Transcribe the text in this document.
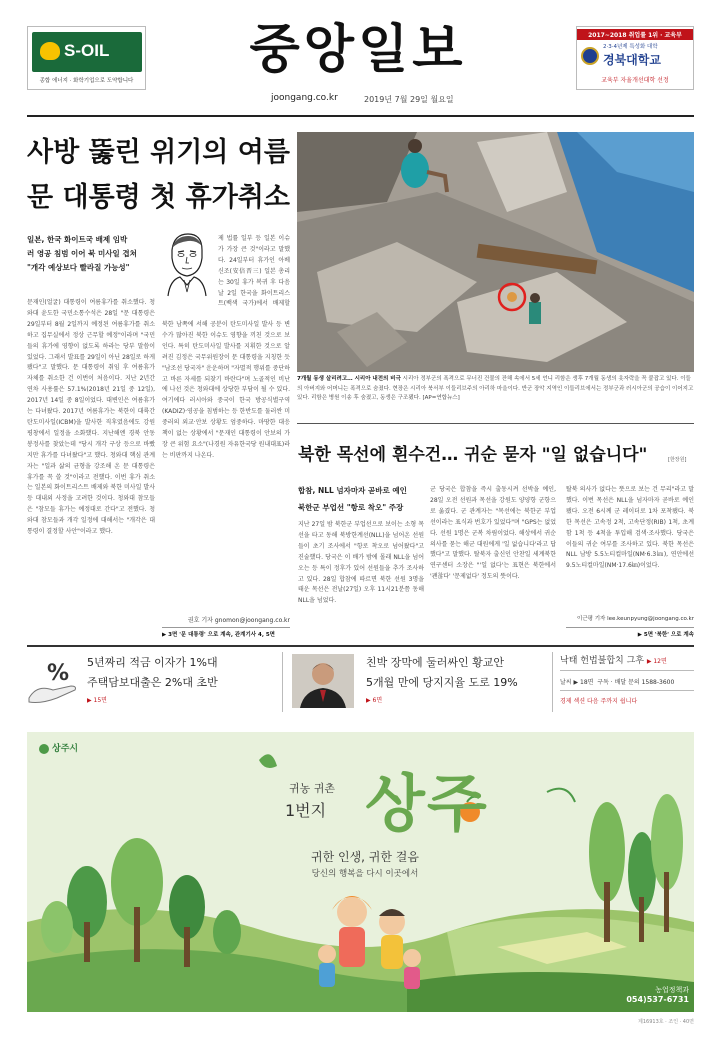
S-OIL
종합 에너지 · 화학기업으로 도약합니다
중앙일보
joongang.co.kr	2019년 7월 29일 월요일
2017~2018 취업률 1위 · 교육부
2·3·4년제 특성화 대학
경북대학교
교육부 자율개선대학 선정
사방 뚫린 위기의 여름
문 대통령 첫 휴가취소
일본, 한국 화이트국 배제 임박
러 영공 침범 이어 북 미사일 겹쳐
"개각 예상보다 빨라질 가능성"
제 법률 일부 등 일본 이슈가 가장 큰 것"이라고 말했다. 24일부터 휴가인 아베 신조(安倍晋三) 일본 총리는 30일 휴가 복귀 후 다음날 2일 한국을 화이트리스트(백색 국가)에서 배제할
문재인(얼굴) 대통령이 여름휴가를 취소했다. 청와대 윤도한 국민소통수석은 28일 "문 대통령은 29일부터 8월 2일까지 예정된 여름휴가를 취소하고 집무실에서 정상 근무할 예정"이라며 "국민들의 휴가에 영향이 없도록 하라는 당부 말씀이 있었다. 그래서 발표를 29일이 아닌 28일로 하게 됐다"고 말했다. 문 대통령이 취임 후 여름휴가 자체를 취소한 건 이번이 처음이다. 지난 2년간 연차 사용률은 57.1%(2018년 21일 중 12일), 2017년 14일 중 8일이었다. 대변인은 여름휴가는 다녀왔다. 2017년 여름휴가는 북한이 대륙간탄도미사일(ICBM)을 발사한 직후였음에도 강원 평창에서 일정을 소화했다. 지난해엔 경북 안동 봉정사를 찾았는데 "당시 개각 구상 등으로 바빴지만 휴가를 다녀왔다"고 했다. 청와대 핵심 관계자는 "일과 삶의 균형을 강조해 온 문 대통령은 휴가를 꼭 쓸 것"이라고 전했다. 이번 휴가 취소는 일본의 화이트리스트 배제와 북한 미사일 발사 등 대내외 사정을 고려한 것이다. 청와대 참모들은 "참모들 휴가는 예정대로 간다"고 전했다. 청와대 참모들과 개각 일정에 대해서는 "개각은 대통령이 결정할 사안"이라고 했다.
북한 남쪽에 서해 공분이 탄도미사일 발사 등 변수가 많아진 북한 이슈도 영향을 끼친 것으로 보인다. 특히 탄도미사일 발사를 지휘한 것으로 알려진 김정은 국무위원장이 문 대통령을 지칭한 듯 "남조선 당국자" 운운하며 "자멸적 행위를 중단하고 바른 자세를 되찾기 바란다"며 노골적인 비난에 나선 것은 청와대에 상당한 부담이 될 수 있다. 여기에다 러시아와 중국이 한국 방공식별구역(KADIZ)·영공을 침범하는 등 한반도를 둘러싼 미중러의 외교·안보 상황도 엄중하다. 마땅한 대응책이 없는 상황에서 "문재인 대통령이 안보의 가장 큰 위험 요소"(나경원 자유한국당 원내대표)라는 비판까지 나온다.
권호 기자 gnomon@joongang.co.kr
▶ 3면 '문 대통령' 으로 계속, 관계기사 4, 5면
7개월 동생 살리려고… 시리아 내전의 비극 시리아 정부군의 폭격으로 무너진 건물의 잔해 속에서 5세 언니 리함은 생후 7개월 동생의 옷자락을 꼭 붙잡고 있다. 이들의 아버지와 어머니는 폭격으로 숨졌다. 현장은 시리아 북서부 이들리브주의 아리하 마을이다. 반군 장악 지역인 이들리브에서는 정부군과 러시아군의 공습이 이어지고 있다. 리함은 병원 이송 후 숨졌고, 동생은 구조됐다. [AP=연합뉴스]
북한 목선에 흰수건… 귀순 묻자 "일 없습니다"	[한장원]
합참, NLL 넘자마자 곧바로 예인
북한군 부업선 "항로 착오" 주장
지난 27일 밤 북한군 부업선으로 보이는 소형 목선을 타고 동해 북방한계선(NLL)을 넘어온 선원들이 초기 조사에서 "항로 착오로 넘어왔다"고 진술했다. 당국은 이 배가 밤에 몰래 NLL을 넘어오는 등 특이 정후가 있어 선원들을 추가 조사하고 있다. 28일 합참에 따르면 북한 선원 3명을 태운 목선은 전날(27일) 오후 11시21분쯤 동해 NLL을 넘었다.
군 당국은 합참을 즉시 출동시켜 선박을 예인, 28일 오전 선원과 목선을 강원도 양양항 군항으로 옮겼다. 군 관계자는 "목선에는 북한군 부업선이라는 표식과 번호가 있었다"며 "GPS는 없었다. 선원 1명은 군복 차림이었다. 해상에서 귀순 의사를 묻는 해군 대원에게 '일 없습니다'라고 답했다"고 말했다. 탈북자 출신인 안찬일 세계북한연구센터 소장은 "'일 없다'는 표현은 북한에서 '괜찮다' '문제없다' 정도의 뜻이다.
탈북 의사가 없다는 뜻으로 보는 건 무리"라고 말했다. 이번 목선은 NLL을 넘자마자 곧바로 예인됐다. 오전 6시께 군 레이더로 1차 포착됐다. 북한 목선은 고속정 2척, 고속단정(RIB) 1척, 초계함 1척 등 4척을 투입해 검색·조사했다. 당국은 이들의 귀순 여부를 조사하고 있다. 북한 목선은 NLL 남방 5.5노티컬마일(NM·6.3㎞), 연안에선 9.5노티컬마일(NM·17.6㎞)이었다.
이근평 기자 lee.keunpyung@joongang.co.kr
▶ 5면 '북한' 으로 계속
% 5년짜리 적금 이자가 1%대
주택담보대출은 2%대 초반
▶ 15면
친박 장막에 둘러싸인 황교안
5개월 만에 당지지율 도로 19%
▶ 6면
낙태 헌법불합치 그후 ▶ 12면
날씨 ▶ 18면 구독 · 배달 문의 1588-3600
경제 섹션 다음 주까지 쉽니다
상주시
귀농 귀촌
1번지 상주
귀한 인생, 귀한 걸음
당신의 행복을 다시 이곳에서
농업정책과
054)537-6731
제16913호 · 조인 · 40면
